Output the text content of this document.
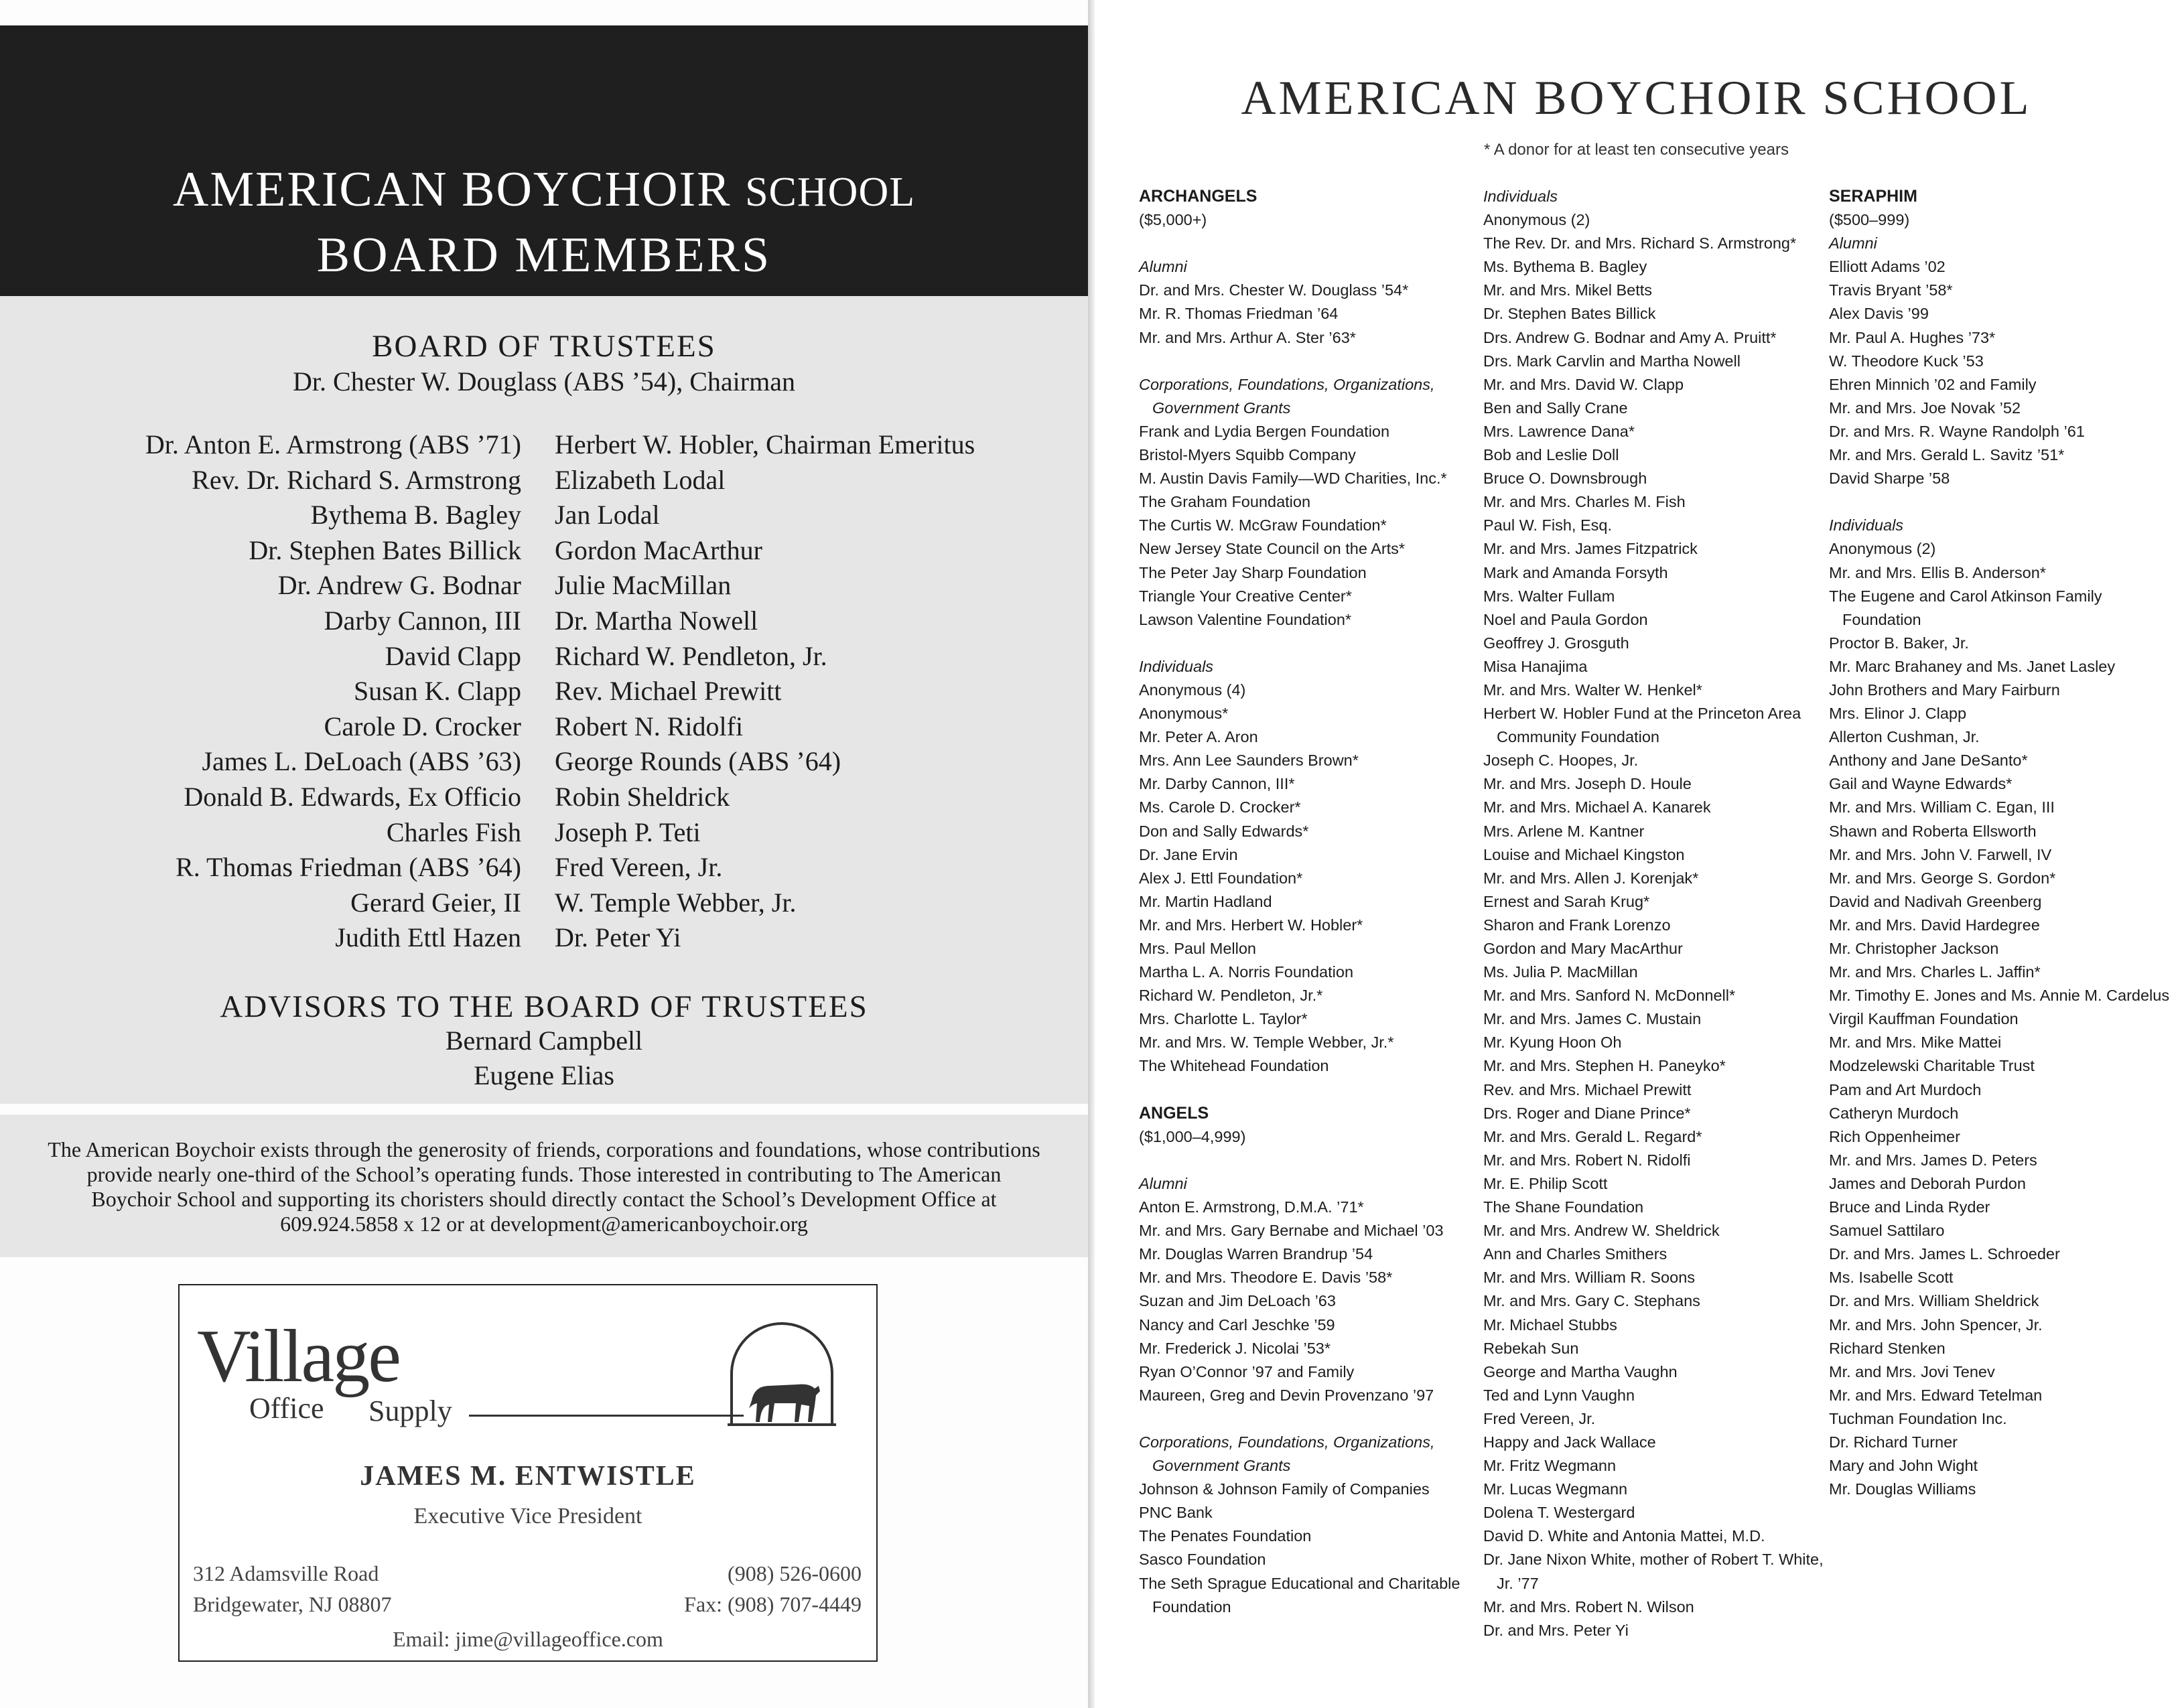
AMERICAN BOYCHOIR SCHOOL
BOARD MEMBERS
BOARD OF TRUSTEES
Dr. Chester W. Douglass (ABS ’54), Chairman
Dr. Anton E. Armstrong (ABS ’71)
Rev. Dr. Richard S. Armstrong
Bythema B. Bagley
Dr. Stephen Bates Billick
Dr. Andrew G. Bodnar
Darby Cannon, III
David Clapp
Susan K. Clapp
Carole D. Crocker
James L. DeLoach (ABS ’63)
Donald B. Edwards, Ex Officio
Charles Fish
R. Thomas Friedman (ABS ’64)
Gerard Geier, II
Judith Ettl Hazen
Herbert W. Hobler, Chairman Emeritus
Elizabeth Lodal
Jan Lodal
Gordon MacArthur
Julie MacMillan
Dr. Martha Nowell
Richard W. Pendleton, Jr.
Rev. Michael Prewitt
Robert N. Ridolfi
George Rounds (ABS ’64)
Robin Sheldrick
Joseph P. Teti
Fred Vereen, Jr.
W. Temple Webber, Jr.
Dr. Peter Yi
ADVISORS TO THE BOARD OF TRUSTEES
Bernard Campbell
Eugene Elias

The American Boychoir exists through the generosity of friends, corporations and foundations, whose contributions provide nearly one-third of the School’s operating funds. Those interested in contributing to The American Boychoir School and supporting its choristers should directly contact the School’s Development Office at 609.924.5858 x 12 or at development@americanboychoir.org

Village
Office Supply
JAMES M. ENTWISTLE
Executive Vice President
312 Adamsville Road
Bridgewater, NJ 08807
(908) 526-0600
Fax: (908) 707-4449
Email: jime@villageoffice.com
AMERICAN BOYCHOIR SCHOOL
* A donor for at least ten consecutive years
ARCHANGELS
($5,000+)
Alumni
Dr. and Mrs. Chester W. Douglass ’54*
Mr. R. Thomas Friedman ’64
Mr. and Mrs. Arthur A. Ster ’63*
Corporations, Foundations, Organizations, Government Grants
Frank and Lydia Bergen Foundation
Bristol-Myers Squibb Company
M. Austin Davis Family—WD Charities, Inc.*
The Graham Foundation
The Curtis W. McGraw Foundation*
New Jersey State Council on the Arts*
The Peter Jay Sharp Foundation
Triangle Your Creative Center*
Lawson Valentine Foundation*
Individuals
Anonymous (4)
Anonymous*
Mr. Peter A. Aron
Mrs. Ann Lee Saunders Brown*
Mr. Darby Cannon, III*
Ms. Carole D. Crocker*
Don and Sally Edwards*
Dr. Jane Ervin
Alex J. Ettl Foundation*
Mr. Martin Hadland
Mr. and Mrs. Herbert W. Hobler*
Mrs. Paul Mellon
Martha L. A. Norris Foundation
Richard W. Pendleton, Jr.*
Mrs. Charlotte L. Taylor*
Mr. and Mrs. W. Temple Webber, Jr.*
The Whitehead Foundation
ANGELS
($1,000–4,999)
Alumni
Anton E. Armstrong, D.M.A. ’71*
Mr. and Mrs. Gary Bernabe and Michael ’03
Mr. Douglas Warren Brandrup ’54
Mr. and Mrs. Theodore E. Davis ’58*
Suzan and Jim DeLoach ’63
Nancy and Carl Jeschke ’59
Mr. Frederick J. Nicolai ’53*
Ryan O’Connor ’97 and Family
Maureen, Greg and Devin Provenzano ’97
Corporations, Foundations, Organizations, Government Grants
Johnson & Johnson Family of Companies
PNC Bank
The Penates Foundation
Sasco Foundation
The Seth Sprague Educational and Charitable Foundation
Individuals
Anonymous (2)
The Rev. Dr. and Mrs. Richard S. Armstrong*
Ms. Bythema B. Bagley
Mr. and Mrs. Mikel Betts
Dr. Stephen Bates Billick
Drs. Andrew G. Bodnar and Amy A. Pruitt*
Drs. Mark Carvlin and Martha Nowell
Mr. and Mrs. David W. Clapp
Ben and Sally Crane
Mrs. Lawrence Dana*
Bob and Leslie Doll
Bruce O. Downsbrough
Mr. and Mrs. Charles M. Fish
Paul W. Fish, Esq.
Mr. and Mrs. James Fitzpatrick
Mark and Amanda Forsyth
Mrs. Walter Fullam
Noel and Paula Gordon
Geoffrey J. Grosguth
Misa Hanajima
Mr. and Mrs. Walter W. Henkel*
Herbert W. Hobler Fund at the Princeton Area Community Foundation
Joseph C. Hoopes, Jr.
Mr. and Mrs. Joseph D. Houle
Mr. and Mrs. Michael A. Kanarek
Mrs. Arlene M. Kantner
Louise and Michael Kingston
Mr. and Mrs. Allen J. Korenjak*
Ernest and Sarah Krug*
Sharon and Frank Lorenzo
Gordon and Mary MacArthur
Ms. Julia P. MacMillan
Mr. and Mrs. Sanford N. McDonnell*
Mr. and Mrs. James C. Mustain
Mr. Kyung Hoon Oh
Mr. and Mrs. Stephen H. Paneyko*
Rev. and Mrs. Michael Prewitt
Drs. Roger and Diane Prince*
Mr. and Mrs. Gerald L. Regard*
Mr. and Mrs. Robert N. Ridolfi
Mr. E. Philip Scott
The Shane Foundation
Mr. and Mrs. Andrew W. Sheldrick
Ann and Charles Smithers
Mr. and Mrs. William R. Soons
Mr. and Mrs. Gary C. Stephans
Mr. Michael Stubbs
Rebekah Sun
George and Martha Vaughn
Ted and Lynn Vaughn
Fred Vereen, Jr.
Happy and Jack Wallace
Mr. Fritz Wegmann
Mr. Lucas Wegmann
Dolena T. Westergard
David D. White and Antonia Mattei, M.D.
Dr. Jane Nixon White, mother of Robert T. White, Jr. ’77
Mr. and Mrs. Robert N. Wilson
Dr. and Mrs. Peter Yi
SERAPHIM
($500–999)
Alumni
Elliott Adams ’02
Travis Bryant ’58*
Alex Davis ’99
Mr. Paul A. Hughes ’73*
W. Theodore Kuck ’53
Ehren Minnich ’02 and Family
Mr. and Mrs. Joe Novak ’52
Dr. and Mrs. R. Wayne Randolph ’61
Mr. and Mrs. Gerald L. Savitz ’51*
David Sharpe ’58
Individuals
Anonymous (2)
Mr. and Mrs. Ellis B. Anderson*
The Eugene and Carol Atkinson Family Foundation
Proctor B. Baker, Jr.
Mr. Marc Brahaney and Ms. Janet Lasley
John Brothers and Mary Fairburn
Mrs. Elinor J. Clapp
Allerton Cushman, Jr.
Anthony and Jane DeSanto*
Gail and Wayne Edwards*
Mr. and Mrs. William C. Egan, III
Shawn and Roberta Ellsworth
Mr. and Mrs. John V. Farwell, IV
Mr. and Mrs. George S. Gordon*
David and Nadivah Greenberg
Mr. and Mrs. David Hardegree
Mr. Christopher Jackson
Mr. and Mrs. Charles L. Jaffin*
Mr. Timothy E. Jones and Ms. Annie M. Cardelus
Virgil Kauffman Foundation
Mr. and Mrs. Mike Mattei
Modzelewski Charitable Trust
Pam and Art Murdoch
Catheryn Murdoch
Rich Oppenheimer
Mr. and Mrs. James D. Peters
James and Deborah Purdon
Bruce and Linda Ryder
Samuel Sattilaro
Dr. and Mrs. James L. Schroeder
Ms. Isabelle Scott
Dr. and Mrs. William Sheldrick
Mr. and Mrs. John Spencer, Jr.
Richard Stenken
Mr. and Mrs. Jovi Tenev
Mr. and Mrs. Edward Tetelman
Tuchman Foundation Inc.
Dr. Richard Turner
Mary and John Wight
Mr. Douglas Williams
